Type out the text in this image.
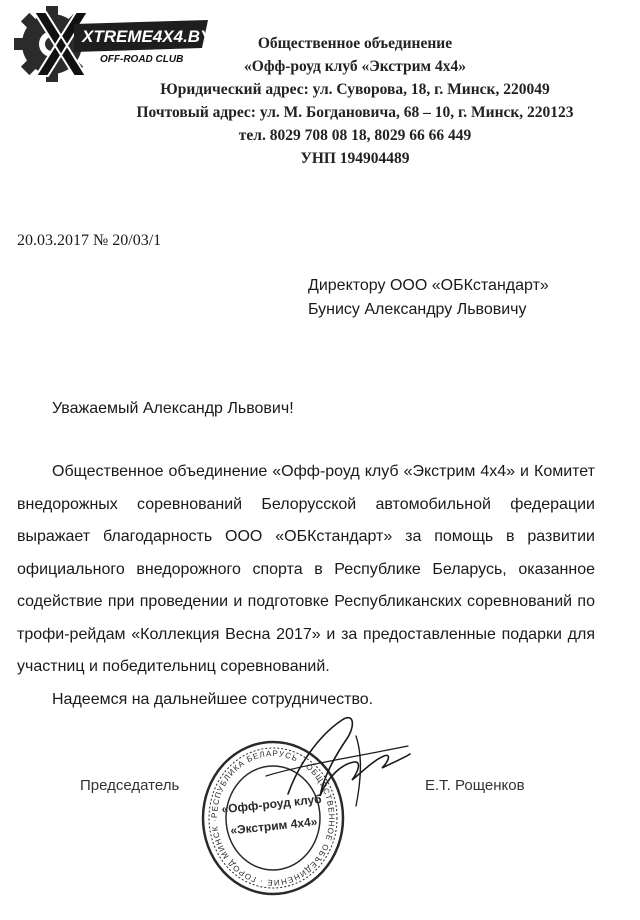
XTREME4X4.BY
OFF-ROAD CLUB
Общественное объединение
«Офф-роуд клуб «Экстрим 4х4»
Юридический адрес: ул. Суворова, 18, г. Минск, 220049
Почтовый адрес: ул. М. Богдановича, 68 – 10, г. Минск, 220123
тел. 8029 708 08 18, 8029 66 66 449
УНП 194904489
20.03.2017 № 20/03/1
Директору ООО «ОБКстандарт»
Бунису Александру Львовичу
Уважаемый Александр Львович!

Общественное объединение «Офф-роуд клуб «Экстрим 4х4» и Комитет внедорожных соревнований Белорусской автомобильной федерации выражает благодарность ООО «ОБКстандарт» за помощь в развитии официального внедорожного спорта в Республике Беларусь, оказанное содействие при проведении и подготовке Республиканских соревнований по трофи-рейдам «Коллекция Весна 2017» и за предоставленные подарки для участниц и победительниц соревнований.

Надеемся на дальнейшее сотрудничество.

Председатель	Е.Т. Рощенков
РЕСПУБЛИКА БЕЛАРУСЬ · ОБЩЕСТВЕННОЕ ОБЪЕДИНЕНИЕ · ГОРОД МИНСК ·
«Офф-роуд клуб
«Экстрим 4х4»
